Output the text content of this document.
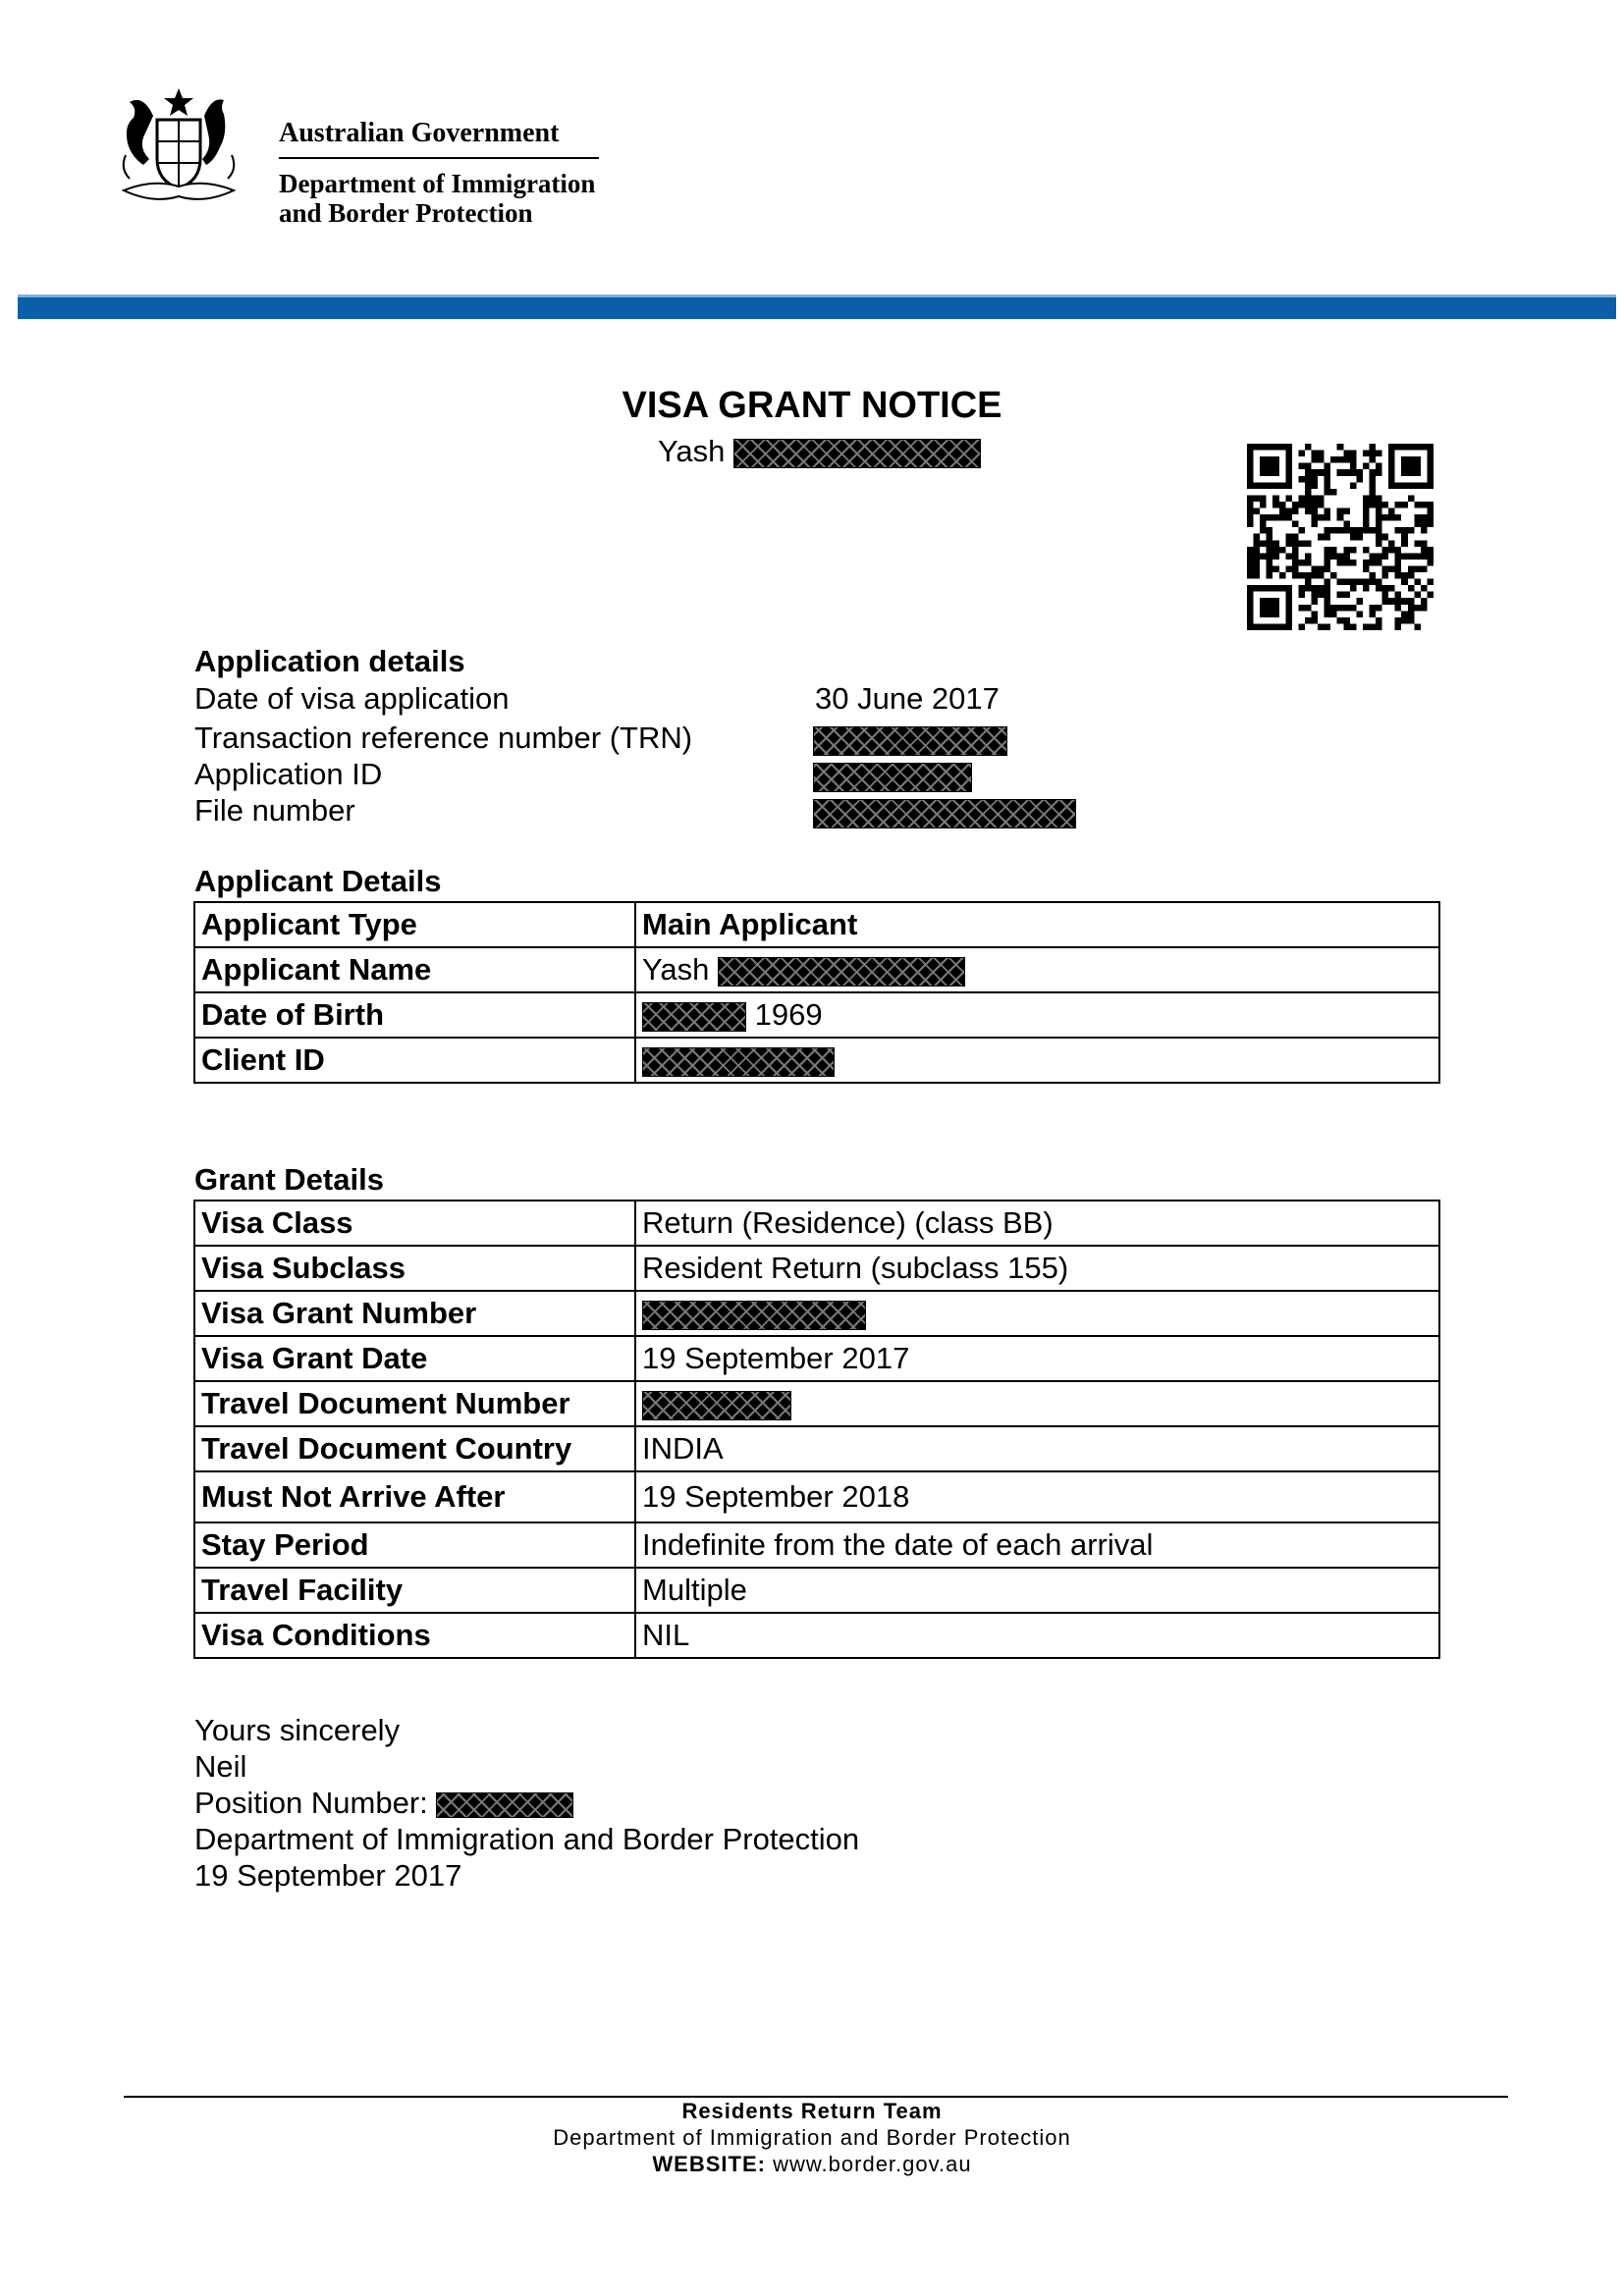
Australian Government
Department of Immigration
and Border Protection
VISA GRANT NOTICE
Yash
Application details
Date of visa application	30 June 2017
Transaction reference number (TRN)
Application ID
File number
Applicant Details
Applicant Type	Main Applicant
Applicant Name	Yash
Date of Birth	1969
Client ID	
Grant Details
Visa Class	Return (Residence) (class BB)
Visa Subclass	Resident Return (subclass 155)
Visa Grant Number	
Visa Grant Date	19 September 2017
Travel Document Number	
Travel Document Country	INDIA
Must Not Arrive After	19 September 2018
Stay Period	Indefinite from the date of each arrival
Travel Facility	Multiple
Visa Conditions	NIL
Yours sincerely
Neil
Position Number:
Department of Immigration and Border Protection
19 September 2017
Residents Return Team
Department of Immigration and Border Protection
WEBSITE: www.border.gov.au
